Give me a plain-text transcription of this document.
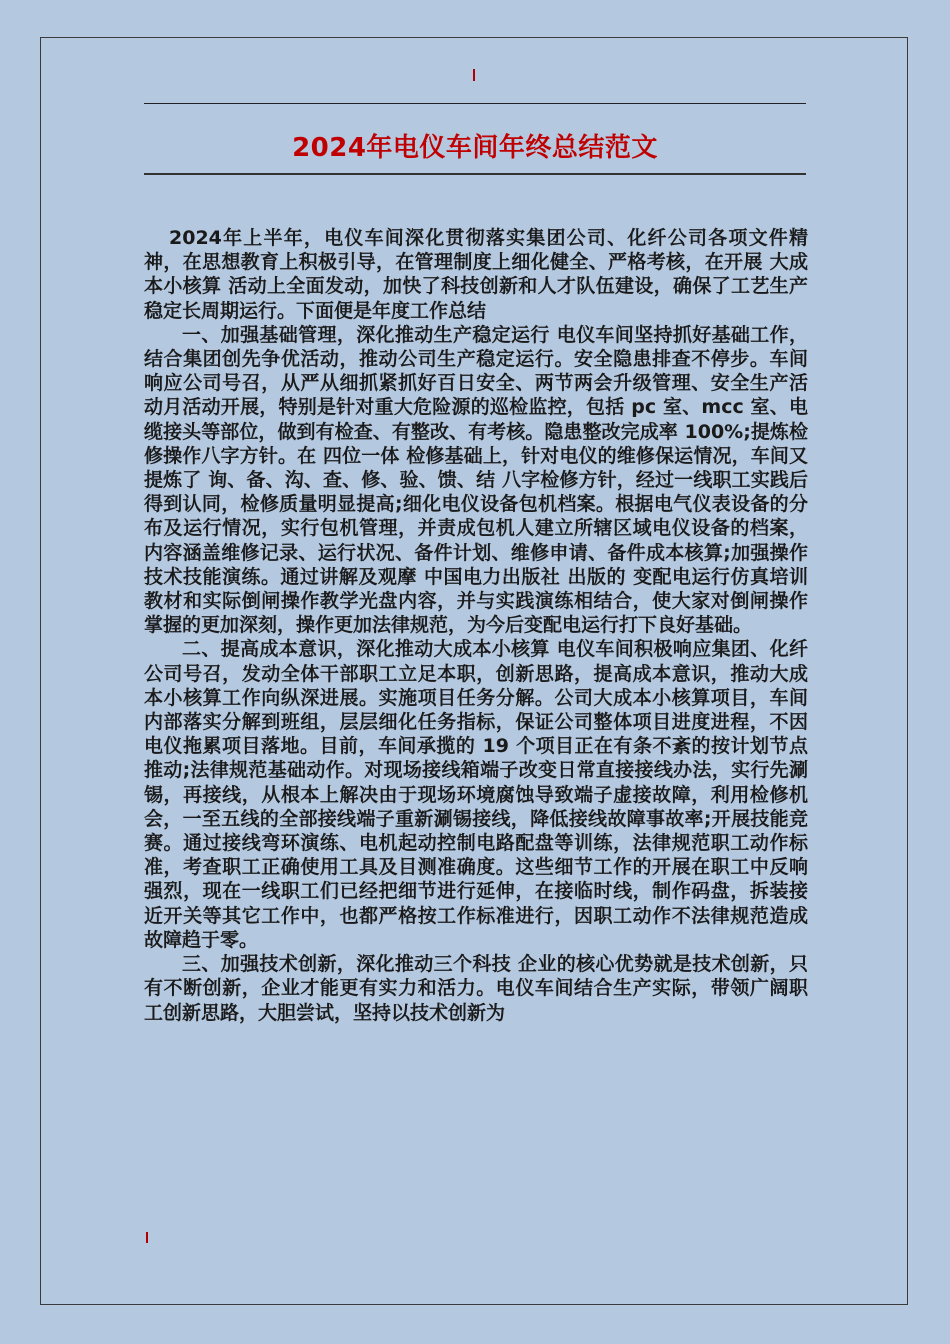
2024年电仪车间年终总结范文

2024年上半年，电仪车间深化贯彻落实集团公司、化纤公司各项文件精神，在思想教育上积极引导，在管理制度上细化健全、严格考核，在开展 大成本小核算 活动上全面发动，加快了科技创新和人才队伍建设，确保了工艺生产稳定长周期运行。下面便是年度工作总结

一、加强基础管理，深化推动生产稳定运行 电仪车间坚持抓好基础工作，结合集团创先争优活动，推动公司生产稳定运行。安全隐患排查不停步。车间响应公司号召，从严从细抓紧抓好百日安全、两节两会升级管理、安全生产活动月活动开展，特别是针对重大危险源的巡检监控，包括 pc 室、mcc 室、电缆接头等部位，做到有检查、有整改、有考核。隐患整改完成率 100%;提炼检修操作八字方针。在 四位一体 检修基础上，针对电仪的维修保运情况，车间又提炼了 询、备、沟、查、修、验、馈、结 八字检修方针，经过一线职工实践后得到认同，检修质量明显提高;细化电仪设备包机档案。根据电气仪表设备的分布及运行情况，实行包机管理，并责成包机人建立所辖区域电仪设备的档案，内容涵盖维修记录、运行状况、备件计划、维修申请、备件成本核算;加强操作技术技能演练。通过讲解及观摩 中国电力出版社 出版的 变配电运行仿真培训 教材和实际倒闸操作教学光盘内容，并与实践演练相结合，使大家对倒闸操作掌握的更加深刻，操作更加法律规范，为今后变配电运行打下良好基础。

二、提高成本意识，深化推动大成本小核算 电仪车间积极响应集团、化纤公司号召，发动全体干部职工立足本职，创新思路，提高成本意识，推动大成本小核算工作向纵深进展。实施项目任务分解。公司大成本小核算项目，车间内部落实分解到班组，层层细化任务指标，保证公司整体项目进度进程，不因电仪拖累项目落地。目前，车间承揽的 19 个项目正在有条不紊的按计划节点推动;法律规范基础动作。对现场接线箱端子改变日常直接接线办法，实行先涮锡，再接线，从根本上解决由于现场环境腐蚀导致端子虚接故障，利用检修机会，一至五线的全部接线端子重新涮锡接线，降低接线故障事故率;开展技能竞赛。通过接线弯环演练、电机起动控制电路配盘等训练，法律规范职工动作标准，考查职工正确使用工具及目测准确度。这些细节工作的开展在职工中反响强烈，现在一线职工们已经把细节进行延伸，在接临时线，制作码盘，拆装接近开关等其它工作中，也都严格按工作标准进行，因职工动作不法律规范造成故障趋于零。

三、加强技术创新，深化推动三个科技 企业的核心优势就是技术创新，只有不断创新，企业才能更有实力和活力。电仪车间结合生产实际，带领广阔职工创新思路，大胆尝试，坚持以技术创新为
